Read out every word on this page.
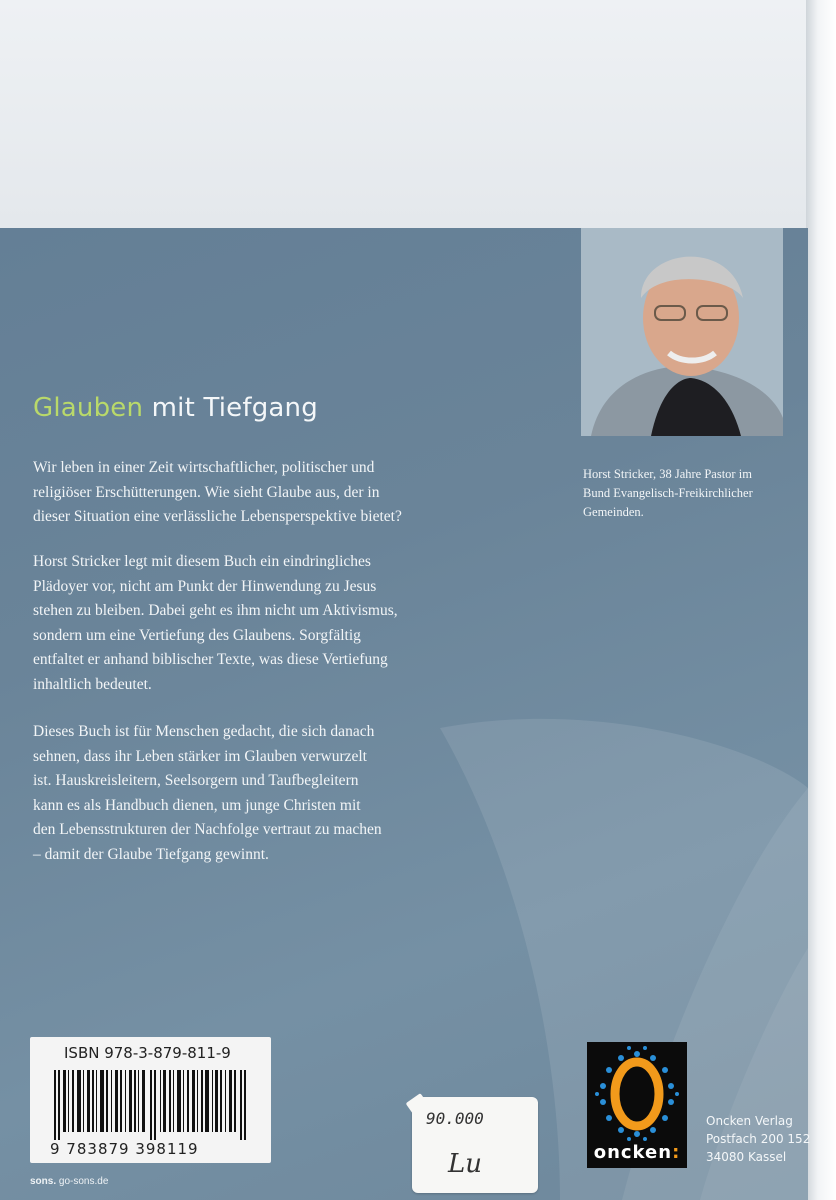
Horst Stricker, 38 Jahre Pastor im
Bund Evangelisch-Freikirchlicher
Gemeinden.
Glauben mit Tiefgang
Wir leben in einer Zeit wirtschaftlicher, politischer und
religiöser Erschütterungen. Wie sieht Glaube aus, der in
dieser Situation eine verlässliche Lebensperspektive bietet?
Horst Stricker legt mit diesem Buch ein eindringliches
Plädoyer vor, nicht am Punkt der Hinwendung zu Jesus
stehen zu bleiben. Dabei geht es ihm nicht um Aktivismus,
sondern um eine Vertiefung des Glaubens. Sorgfältig
entfaltet er anhand biblischer Texte, was diese Vertiefung
inhaltlich bedeutet.
Dieses Buch ist für Menschen gedacht, die sich danach
sehnen, dass ihr Leben stärker im Glauben verwurzelt
ist. Hauskreisleitern, Seelsorgern und Taufbegleitern
kann es als Handbuch dienen, um junge Christen mit
den Lebensstrukturen der Nachfolge vertraut zu machen
– damit der Glaube Tiefgang gewinnt.
ISBN 978-3-879-811-9
9 783879 398119
sons. go-sons.de
90.000
Lu	oncken:
Oncken Verlag
Postfach 200 152
34080 Kassel
